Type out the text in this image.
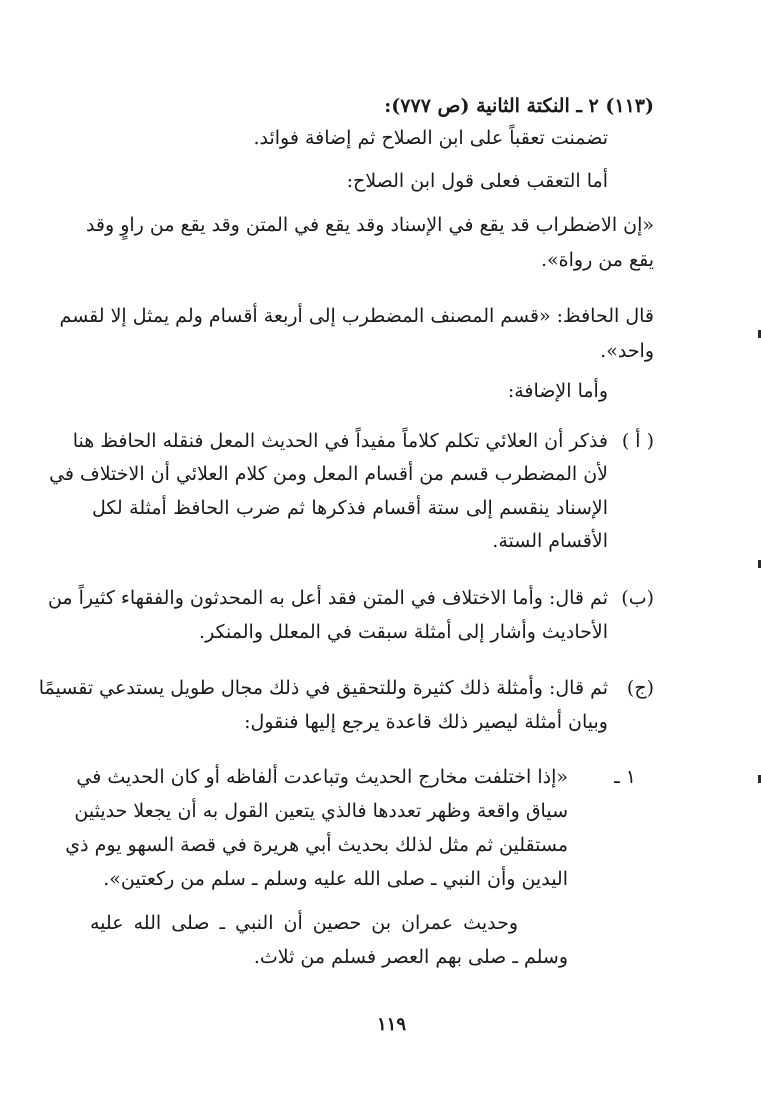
(١١٣) ٢ ـ النكتة الثانية (ص ٧٧٧):
تضمنت تعقباً على ابن الصلاح ثم إضافة فوائد.
أما التعقب فعلى قول ابن الصلاح:
«إن الاضطراب قد يقع في الإسناد وقد يقع في المتن وقد يقع من راوٍ وقد
يقع من رواة».
قال الحافظ: «قسم المصنف المضطرب إلى أربعة أقسام ولم يمثل إلا لقسم
واحد».
وأما الإضافة:
( أ )
فذكر أن العلائي تكلم كلاماً مفيداً في الحديث المعل فنقله الحافظ هنا
لأن المضطرب قسم من أقسام المعل ومن كلام العلائي أن الاختلاف في
الإسناد ينقسم إلى ستة أقسام فذكرها ثم ضرب الحافظ أمثلة لكل
الأقسام الستة.
(ب)
ثم قال: وأما الاختلاف في المتن فقد أعل به المحدثون والفقهاء كثيراً من
الأحاديث وأشار إلى أمثلة سبقت في المعلل والمنكر.
(ج)
ثم قال: وأمثلة ذلك كثيرة وللتحقيق في ذلك مجال طويل يستدعي تقسيمًا
وبيان أمثلة ليصير ذلك قاعدة يرجع إليها فنقول:
١ ـ
«إذا اختلفت مخارج الحديث وتباعدت ألفاظه أو كان الحديث في
سياق واقعة وظهر تعددها فالذي يتعين القول به أن يجعلا حديثين
مستقلين ثم مثل لذلك بحديث أبي هريرة في قصة السهو يوم ذي
اليدين وأن النبي ـ صلى الله عليه وسلم ـ سلم من ركعتين».
وحديث عمران بن حصين أن النبي ـ صلى الله عليه
وسلم ـ صلى بهم العصر فسلم من ثلاث.
١١٩
